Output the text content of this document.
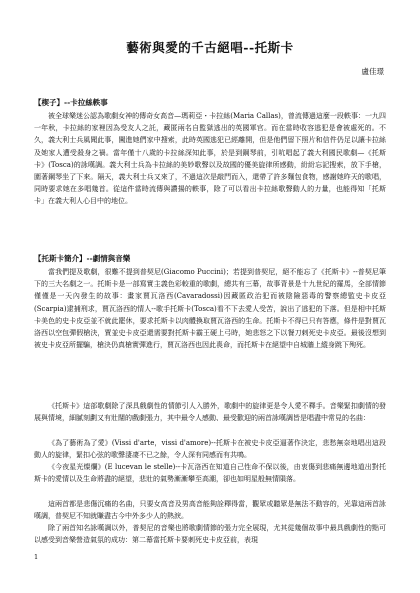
藝術與愛的千古絕唱--托斯卡
盧佳璟
【楔子】--卡拉絲軼事

被全球樂迷公認為歌劇女神的傳奇女高音—瑪莉亞・卡拉絲(Maria Callas)，曾流傳過這麼一段軼事：一九四一年秋，卡拉絲的家裡因為受友人之託，藏匿兩名自監獄逃出的英國軍官。而在當時收容逃犯是會被處死的。不久，義大利士兵風聞此事，闖進她們家中搜索，此時英國逃犯已經離開，但是他們留下照片和信件仍足以讓卡拉絲及她家人遭受殺身之禍。當年僅十八歲的卡拉絲深知此事，於是到鋼琴前，引吭唱起了義大利國民歌劇—《托斯卡》(Tosca)的詠嘆調。義大利士兵為卡拉絲的美妙歌聲以及故國的優美旋律所感動，紛紛忘記搜索，放下手槍，圍著鋼琴坐了下來。隔天，義大利士兵又來了，不過這次是敲門而入，還帶了許多麵包食物，感謝她昨天的歌唱，同時要求她在多唱幾首。從這件當時流傳與讚揚的軼事，除了可以看出卡拉絲歌聲動人的力量，也能得知「托斯卡」在義大利人心目中的地位。

【托斯卡簡介】--劇情與音樂

當我們提及歌劇，很難不提到普契尼(Giacomo Puccini)；若提到普契尼，絕不能忘了《托斯卡》--普契尼筆下的三大名劇之一。托斯卡是一部寫實主義色彩較重的歌劇，總共有三幕，故事背景是十九世紀的羅馬，全部情節僅僅是一天內發生的故事：畫家賈瓦洛西(Cavaradossi)因藏匿政治犯而被陰險惡毒的警察總監史卡皮亞(Scarpia)逮捕刑求，賈瓦洛西的情人--歌手托斯卡(Tosca)看不下去愛人受苦，說出了逃犯的下落。但是相中托斯卡美色的史卡皮亞並不就此罷休，要求托斯卡以肉體換取賈瓦洛西的生命。托斯卡不得已只有答應，條件是對賈瓦洛西以空包彈假槍決，賈並史卡皮亞還需要對托斯卡霸王硬上弓時，她悲怒之下以餐刀刺死史卡皮亞。最後沒想到被史卡皮亞所擺騙，槍決仍真槍實彈進行，賈瓦洛西也因此喪命，而托斯卡在絕望中自城牆上縱身跳下殉死。

《托斯卡》這部歌劇除了深具戲劇性的情節引人入勝外，歌劇中的旋律更是令人愛不釋手。音樂緊扣劇情的發展與情境，細膩刻劃又有壯闊的戲劇張力，其中最令人感動、最受歡迎的兩首詠嘆調皆是唱盡中常見的名曲：

《為了藝術為了愛》(Vissi d'arte，vissi d'amore)--托斯卡在被史卡皮亞逼著作決定，悲愁無奈地唱出這段動人的旋律，緊扣心弦的歌聲淒凄不已之餘，令人深有同感而有共鳴。

《今夜星光燦爛》(E lucevan le stelle)--卡瓦洛西在知道自己性命不保以後，由衷傷到悲痛無邊地道出對托斯卡的愛情以及生命將盡的絕望，悲壯的氣勢漸漸攀至高潮，卻也如明星般無情隕落。

這兩首都是悲傷沉痛的名曲，只要女高音及男高音能夠詮釋得當，觀眾或聽眾是無法不動容的，光靠這兩首詠嘆調，普契尼不知就賺盡古今中外多少人的熱淚。

除了兩首知名詠嘆調以外，普契尼的音樂也將歌劇情節的張力完全展現，尤其從幾個故事中最具戲劇性的點可以感受到音樂營造氣氛的成功：第二幕當托斯卡要刺死史卡皮亞前，表現

1
